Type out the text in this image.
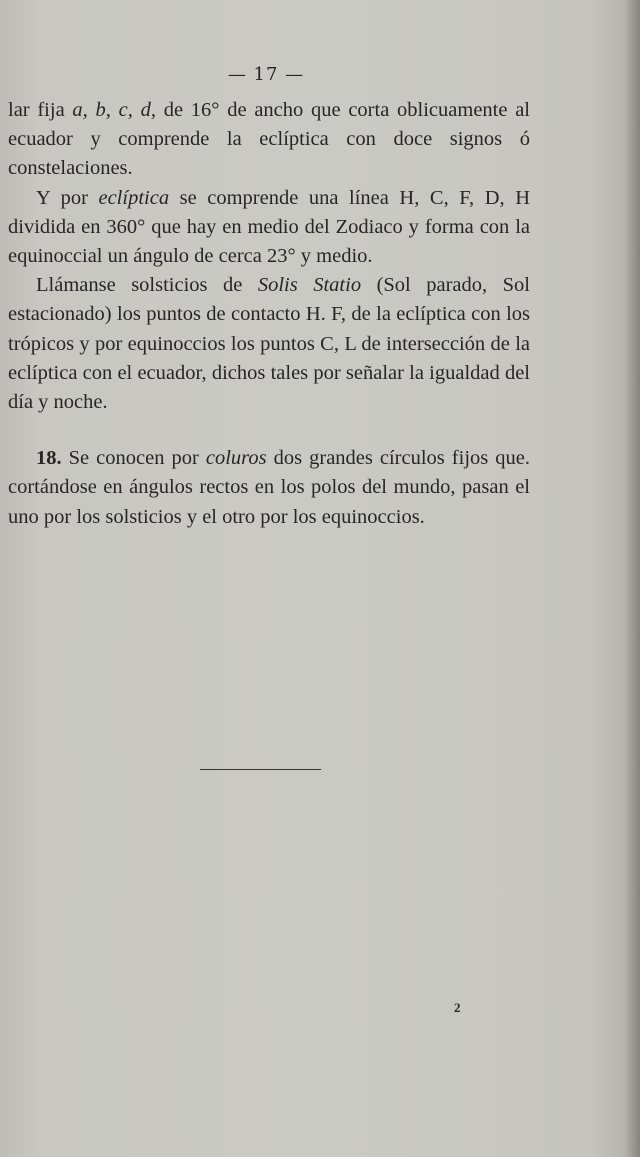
— 17 —

lar fija a, b, c, d, de 16° de ancho que corta oblicuamente al ecuador y comprende la eclíptica con doce signos ó constelaciones.

Y por eclíptica se comprende una línea H, C, F, D, H dividida en 360° que hay en medio del Zodiaco y forma con la equinoccial un ángulo de cerca 23° y medio.

Llámanse solsticios de Solis Statio (Sol parado, Sol estacionado) los puntos de contacto H. F, de la eclíptica con los trópicos y por equinoccios los puntos C, L de intersección de la eclíptica con el ecuador, dichos tales por señalar la igualdad del día y noche.

18. Se conocen por coluros dos grandes círculos fijos que. cortándose en ángulos rectos en los polos del mundo, pasan el uno por los solsticios y el otro por los equinoccios.

2
